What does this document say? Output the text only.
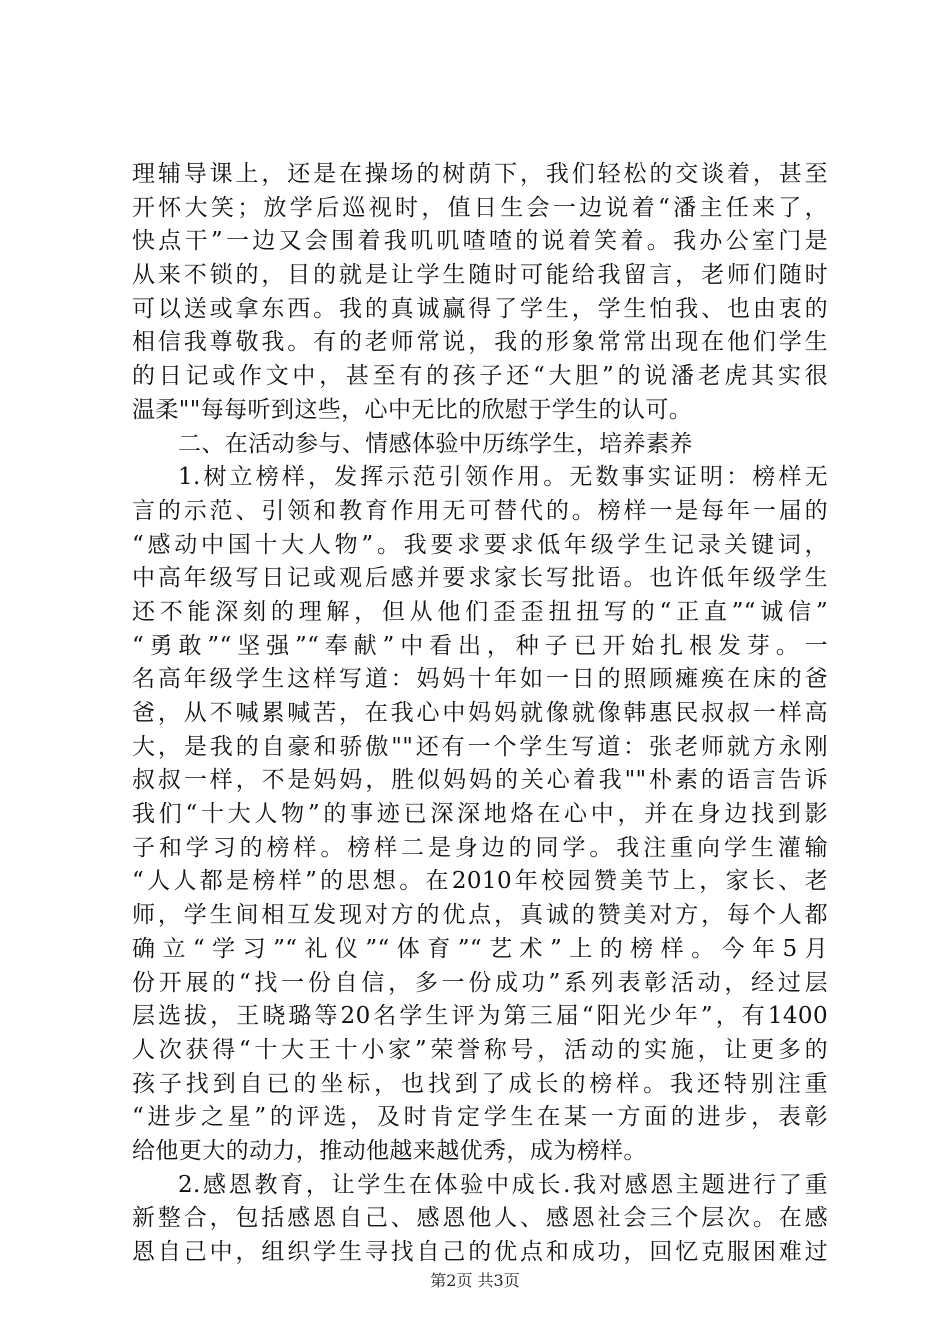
理辅导课上，还是在操场的树荫下，我们轻松的交谈着，甚至
开怀大笑；放学后巡视时，值日生会一边说着“潘主任来了，
快点干”一边又会围着我叽叽喳喳的说着笑着。我办公室门是
从来不锁的，目的就是让学生随时可能给我留言，老师们随时
可以送或拿东西。我的真诚赢得了学生，学生怕我、也由衷的
相信我尊敬我。有的老师常说，我的形象常常出现在他们学生
的日记或作文中，甚至有的孩子还“大胆”的说潘老虎其实很
温柔""每每听到这些，心中无比的欣慰于学生的认可。
二、在活动参与、情感体验中历练学生，培养素养
1.树立榜样，发挥示范引领作用。无数事实证明：榜样无
言的示范、引领和教育作用无可替代的。榜样一是每年一届的
“感动中国十大人物”。我要求要求低年级学生记录关键词，
中高年级写日记或观后感并要求家长写批语。也许低年级学生
还不能深刻的理解，但从他们歪歪扭扭写的“正直”“诚信”
“勇敢”“坚强”“奉献”中看出，种子已开始扎根发芽。一
名高年级学生这样写道：妈妈十年如一日的照顾瘫痪在床的爸
爸，从不喊累喊苦，在我心中妈妈就像就像韩惠民叔叔一样高
大，是我的自豪和骄傲""还有一个学生写道：张老师就方永刚
叔叔一样，不是妈妈，胜似妈妈的关心着我""朴素的语言告诉
我们“十大人物”的事迹已深深地烙在心中，并在身边找到影
子和学习的榜样。榜样二是身边的同学。我注重向学生灌输
“人人都是榜样”的思想。在2010年校园赞美节上，家长、老
师，学生间相互发现对方的优点，真诚的赞美对方，每个人都
确立“学习”“礼仪”“体育”“艺术”上的榜样。今年5月
份开展的“找一份自信，多一份成功”系列表彰活动，经过层
层选拔，王晓璐等20名学生评为第三届“阳光少年”，有1400
人次获得“十大王十小家”荣誉称号，活动的实施，让更多的
孩子找到自已的坐标，也找到了成长的榜样。我还特别注重
“进步之星”的评选，及时肯定学生在某一方面的进步，表彰
给他更大的动力，推动他越来越优秀，成为榜样。
2.感恩教育，让学生在体验中成长.我对感恩主题进行了重
新整合，包括感恩自己、感恩他人、感恩社会三个层次。在感
恩自己中，组织学生寻找自己的优点和成功，回忆克服困难过
第2页 共3页
